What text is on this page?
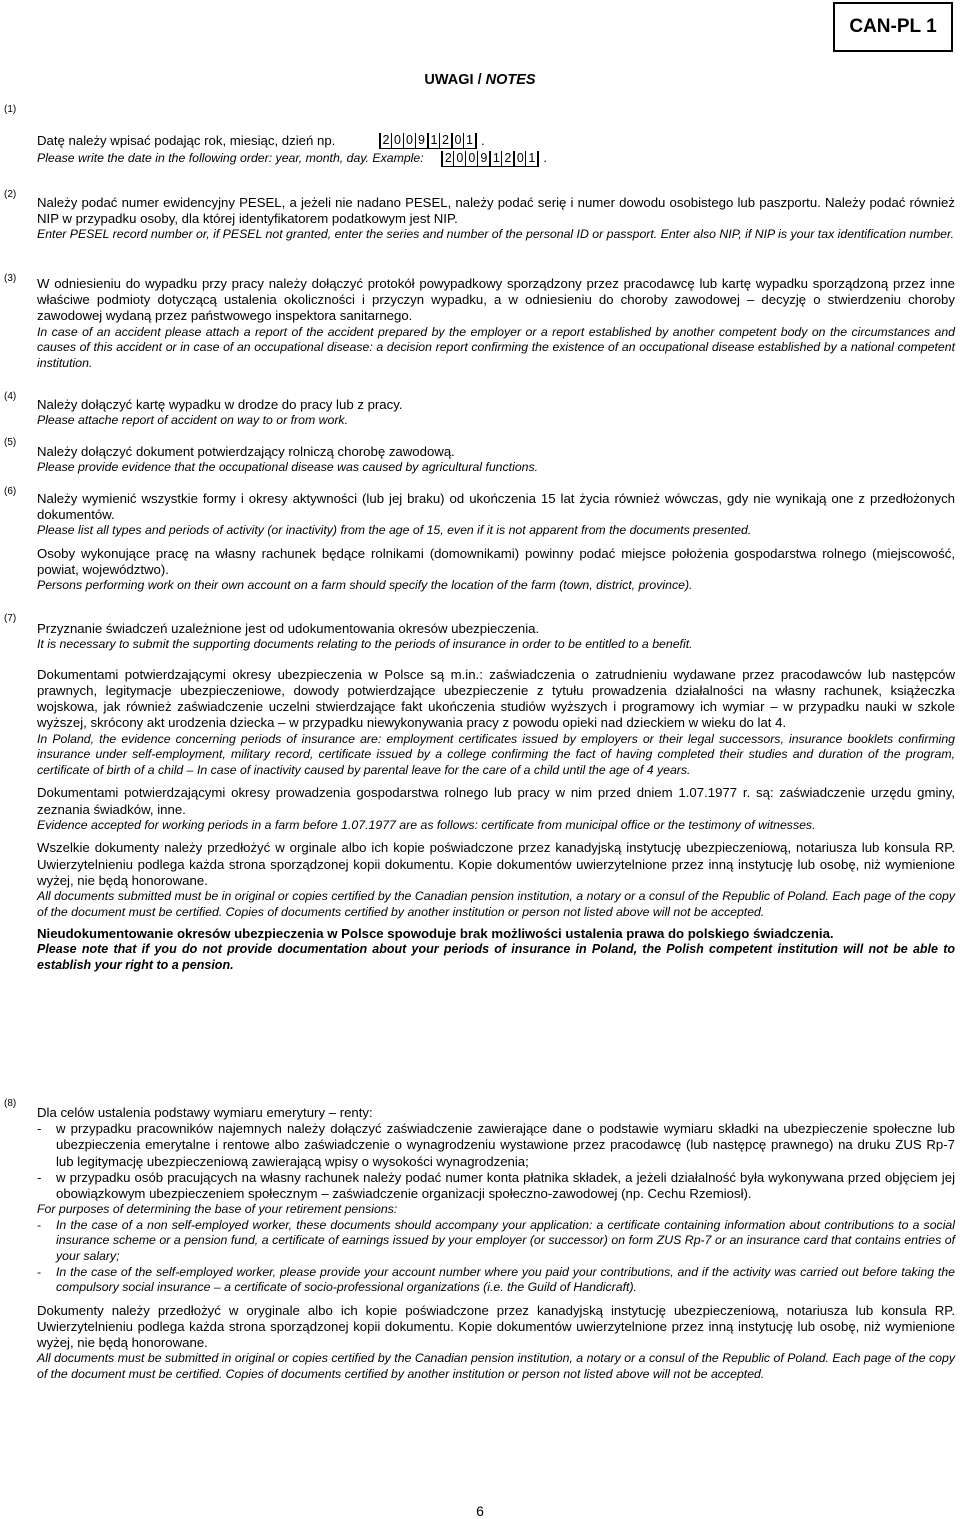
CAN-PL 1
UWAGI / NOTES
(1)
(2)
(3)
(4)
(5)
(6)
(7)
(8)
Datę należy wpisać podając rok, miesiąc, dzień np.	2 0 0 9 1 2 0 1 .
Please write the date in the following order: year, month, day. Example: 2 0 0 9 1 2 0 1 .
Należy podać numer ewidencyjny PESEL, a jeżeli nie nadano PESEL, należy podać serię i numer dowodu osobistego lub paszportu. Należy podać również NIP w przypadku osoby, dla której identyfikatorem podatkowym jest NIP.
Enter PESEL record number or, if PESEL not granted, enter the series and number of the personal ID or passport. Enter also NIP, if NIP is your tax identification number.
W odniesieniu do wypadku przy pracy należy dołączyć protokół powypadkowy sporządzony przez pracodawcę lub kartę wypadku sporządzoną przez inne właściwe podmioty dotyczącą ustalenia okoliczności i przyczyn wypadku, a w odniesieniu do choroby zawodowej – decyzję o stwierdzeniu choroby zawodowej wydaną przez państwowego inspektora sanitarnego.
In case of an accident please attach a report of the accident prepared by the employer or a report established by another competent body on the circumstances and causes of this accident or in case of an occupational disease: a decision report confirming the existence of an occupational disease established by a national competent institution.
Należy dołączyć kartę wypadku w drodze do pracy lub z pracy.
Please attache report of accident on way to or from work.
Należy dołączyć dokument potwierdzający rolniczą chorobę zawodową.
Please provide evidence that the occupational disease was caused by agricultural functions.
Należy wymienić wszystkie formy i okresy aktywności (lub jej braku) od ukończenia 15 lat życia również wówczas, gdy nie wynikają one z przedłożonych dokumentów.
Please list all types and periods of activity (or inactivity) from the age of 15, even if it is not apparent from the documents presented.
Osoby wykonujące pracę na własny rachunek będące rolnikami (domownikami) powinny podać miejsce położenia gospodarstwa rolnego (miejscowość, powiat, województwo).
Persons performing work on their own account on a farm should specify the location of the farm (town, district, province).
Przyznanie świadczeń uzależnione jest od udokumentowania okresów ubezpieczenia.
It is necessary to submit the supporting documents relating to the periods of insurance in order to be entitled to a benefit.
Dokumentami potwierdzającymi okresy ubezpieczenia w Polsce są m.in.: zaświadczenia o zatrudnieniu wydawane przez pracodawców lub następców prawnych, legitymacje ubezpieczeniowe, dowody potwierdzające ubezpieczenie z tytułu prowadzenia działalności na własny rachunek, książeczka wojskowa, jak również zaświadczenie uczelni stwierdzające fakt ukończenia studiów wyższych i programowy ich wymiar – w przypadku nauki w szkole wyższej, skrócony akt urodzenia dziecka – w przypadku niewykonywania pracy z powodu opieki nad dzieckiem w wieku do lat 4.
In Poland, the evidence concerning periods of insurance are: employment certificates issued by employers or their legal successors, insurance booklets confirming insurance under self-employment, military record, certificate issued by a college confirming the fact of having completed their studies and duration of the program, certificate of birth of a child – In case of inactivity caused by parental leave for the care of a child until the age of 4 years.
Dokumentami potwierdzającymi okresy prowadzenia gospodarstwa rolnego lub pracy w nim przed dniem 1.07.1977 r. są: zaświadczenie urzędu gminy, zeznania świadków, inne.
Evidence accepted for working periods in a farm before 1.07.1977 are as follows: certificate from municipal office or the testimony of witnesses.
Wszelkie dokumenty należy przedłożyć w orginale albo ich kopie poświadczone przez kanadyjską instytucję ubezpieczeniową, notariusza lub konsula RP. Uwierzytelnieniu podlega każda strona sporządzonej kopii dokumentu. Kopie dokumentów uwierzytelnione przez inną instytucję lub osobę, niż wymienione wyżej, nie będą honorowane.
All documents submitted must be in original or copies certified by the Canadian pension institution, a notary or a consul of the Republic of Poland. Each page of the copy of the document must be certified. Copies of documents certified by another institution or person not listed above will not be accepted.
Nieudokumentowanie okresów ubezpieczenia w Polsce spowoduje brak możliwości ustalenia prawa do polskiego świadczenia.
Please note that if you do not provide documentation about your periods of insurance in Poland, the Polish competent institution will not be able to establish your right to a pension.
Dla celów ustalenia podstawy wymiaru emerytury – renty:
-	w przypadku pracowników najemnych należy dołączyć zaświadczenie zawierające dane o podstawie wymiaru składki na ubezpieczenie społeczne lub ubezpieczenia emerytalne i rentowe albo zaświadczenie o wynagrodzeniu wystawione przez pracodawcę (lub następcę prawnego) na druku ZUS Rp-7 lub legitymację ubezpieczeniową zawierającą wpisy o wysokości wynagrodzenia;
-	w przypadku osób pracujących na własny rachunek należy podać numer konta płatnika składek, a jeżeli działalność była wykonywana przed objęciem jej obowiązkowym ubezpieczeniem społecznym – zaświadczenie organizacji społeczno-zawodowej (np. Cechu Rzemiosł).
For purposes of determining the base of your retirement pensions:
-	In the case of a non self-employed worker, these documents should accompany your application: a certificate containing information about contributions to a social insurance scheme or a pension fund, a certificate of earnings issued by your employer (or successor) on form ZUS Rp-7 or an insurance card that contains entries of your salary;
-	In the case of the self-employed worker, please provide your account number where you paid your contributions, and if the activity was carried out before taking the compulsory social insurance – a certificate of socio-professional organizations (i.e. the Guild of Handicraft).
Dokumenty należy przedłożyć w oryginale albo ich kopie poświadczone przez kanadyjską instytucję ubezpieczeniową, notariusza lub konsula RP. Uwierzytelnieniu podlega każda strona sporządzonej kopii dokumentu. Kopie dokumentów uwierzytelnione przez inną instytucję lub osobę, niż wymienione wyżej, nie będą honorowane.
All documents must be submitted in original or copies certified by the Canadian pension institution, a notary or a consul of the Republic of Poland. Each page of the copy of the document must be certified. Copies of documents certified by another institution or person not listed above will not be accepted.
6
